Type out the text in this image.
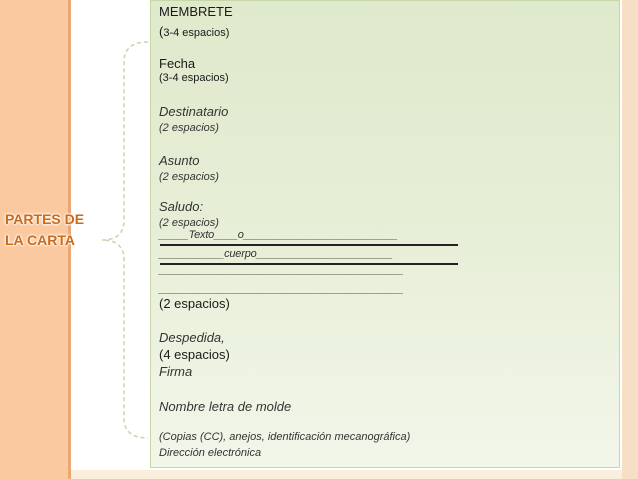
PARTES DE
LA CARTA
MEMBRETE
(3-4 espacios)
Fecha
(3-4 espacios)
Destinatario
(2 espacios)
Asunto
(2 espacios)
Saludo:
(2 espacios)
_____Texto____o__________________________
___________cuerpo_______________________
__________________________________________
__________________________________________
(2 espacios)
Despedida,
(4 espacios)
Firma
Nombre letra de molde
(Copias (CC), anejos, identificación mecanográfica)
Dirección electrónica
